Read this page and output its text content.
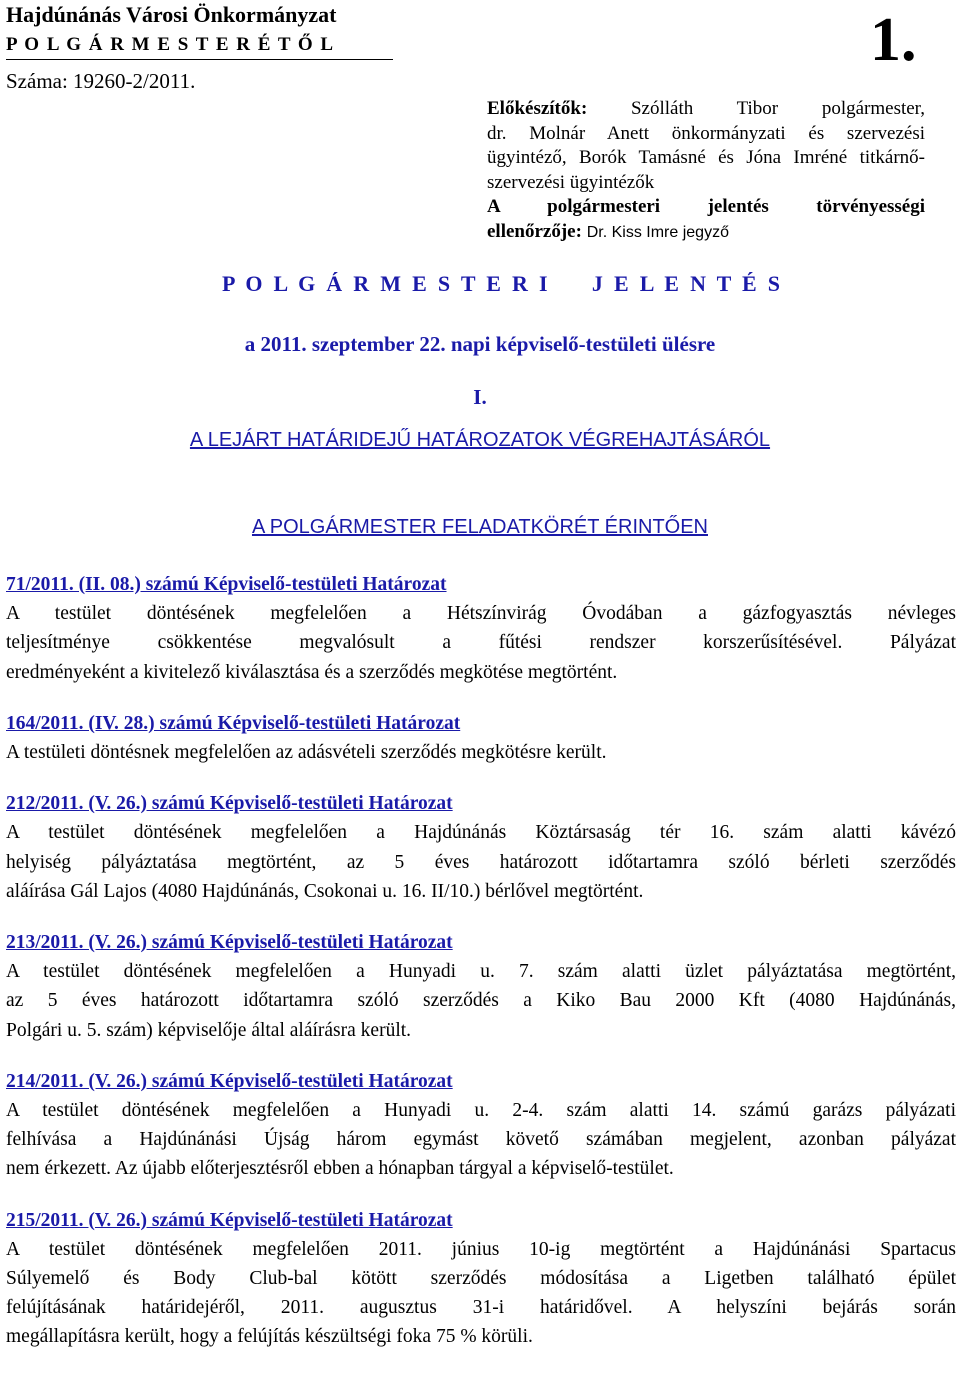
Hajdúnánás Városi Önkormányzat
P O L G Á R M E S T E R É T Ő L
Száma: 19260-2/2011.
1.
Előkészítők: Szólláth Tibor polgármester,
dr. Molnár Anett önkormányzati és szervezési
ügyintéző, Borók Tamásné és Jóna Imréné titkárnő-
szervezési ügyintézők
A polgármesteri jelentés törvényességi
ellenőrzője: Dr. Kiss Imre jegyző
P O L G Á R M E S T E R I     J E L E N T É S
a 2011. szeptember 22. napi képviselő-testületi ülésre
I.
A LEJÁRT HATÁRIDEJŰ HATÁROZATOK VÉGREHAJTÁSÁRÓL
A POLGÁRMESTER FELADATKÖRÉT ÉRINTŐEN
71/2011. (II. 08.) számú Képviselő-testületi Határozat
A testület döntésének megfelelően a Hétszínvirág Óvodában a gázfogyasztás névleges
teljesítménye csökkentése megvalósult a fűtési rendszer korszerűsítésével. Pályázat
eredményeként a kivitelező kiválasztása és a szerződés megkötése megtörtént.
164/2011. (IV. 28.) számú Képviselő-testületi Határozat
A testületi döntésnek megfelelően az adásvételi szerződés megkötésre került.
212/2011. (V. 26.) számú Képviselő-testületi Határozat
A testület döntésének megfelelően a Hajdúnánás Köztársaság tér 16. szám alatti kávézó
helyiség pályáztatása megtörtént, az 5 éves határozott időtartamra szóló bérleti szerződés
aláírása Gál Lajos (4080 Hajdúnánás, Csokonai u. 16. II/10.) bérlővel megtörtént.
213/2011. (V. 26.) számú Képviselő-testületi Határozat
A testület döntésének megfelelően a Hunyadi u. 7. szám alatti üzlet pályáztatása megtörtént,
az 5 éves határozott időtartamra szóló szerződés a Kiko Bau 2000 Kft (4080 Hajdúnánás,
Polgári u. 5. szám) képviselője által aláírásra került.
214/2011. (V. 26.) számú Képviselő-testületi Határozat
A testület döntésének megfelelően a Hunyadi u. 2-4. szám alatti 14. számú garázs pályázati
felhívása a Hajdúnánási Újság három egymást követő számában megjelent, azonban pályázat
nem érkezett. Az újabb előterjesztésről ebben a hónapban tárgyal a képviselő-testület.
215/2011. (V. 26.) számú Képviselő-testületi Határozat
A testület döntésének megfelelően 2011. június 10-ig megtörtént a Hajdúnánási Spartacus
Súlyemelő és Body Club-bal kötött szerződés módosítása a Ligetben található épület
felújításának határidejéről, 2011. augusztus 31-i határidővel. A helyszíni bejárás során
megállapításra került, hogy a felújítás készültségi foka 75 % körüli.
